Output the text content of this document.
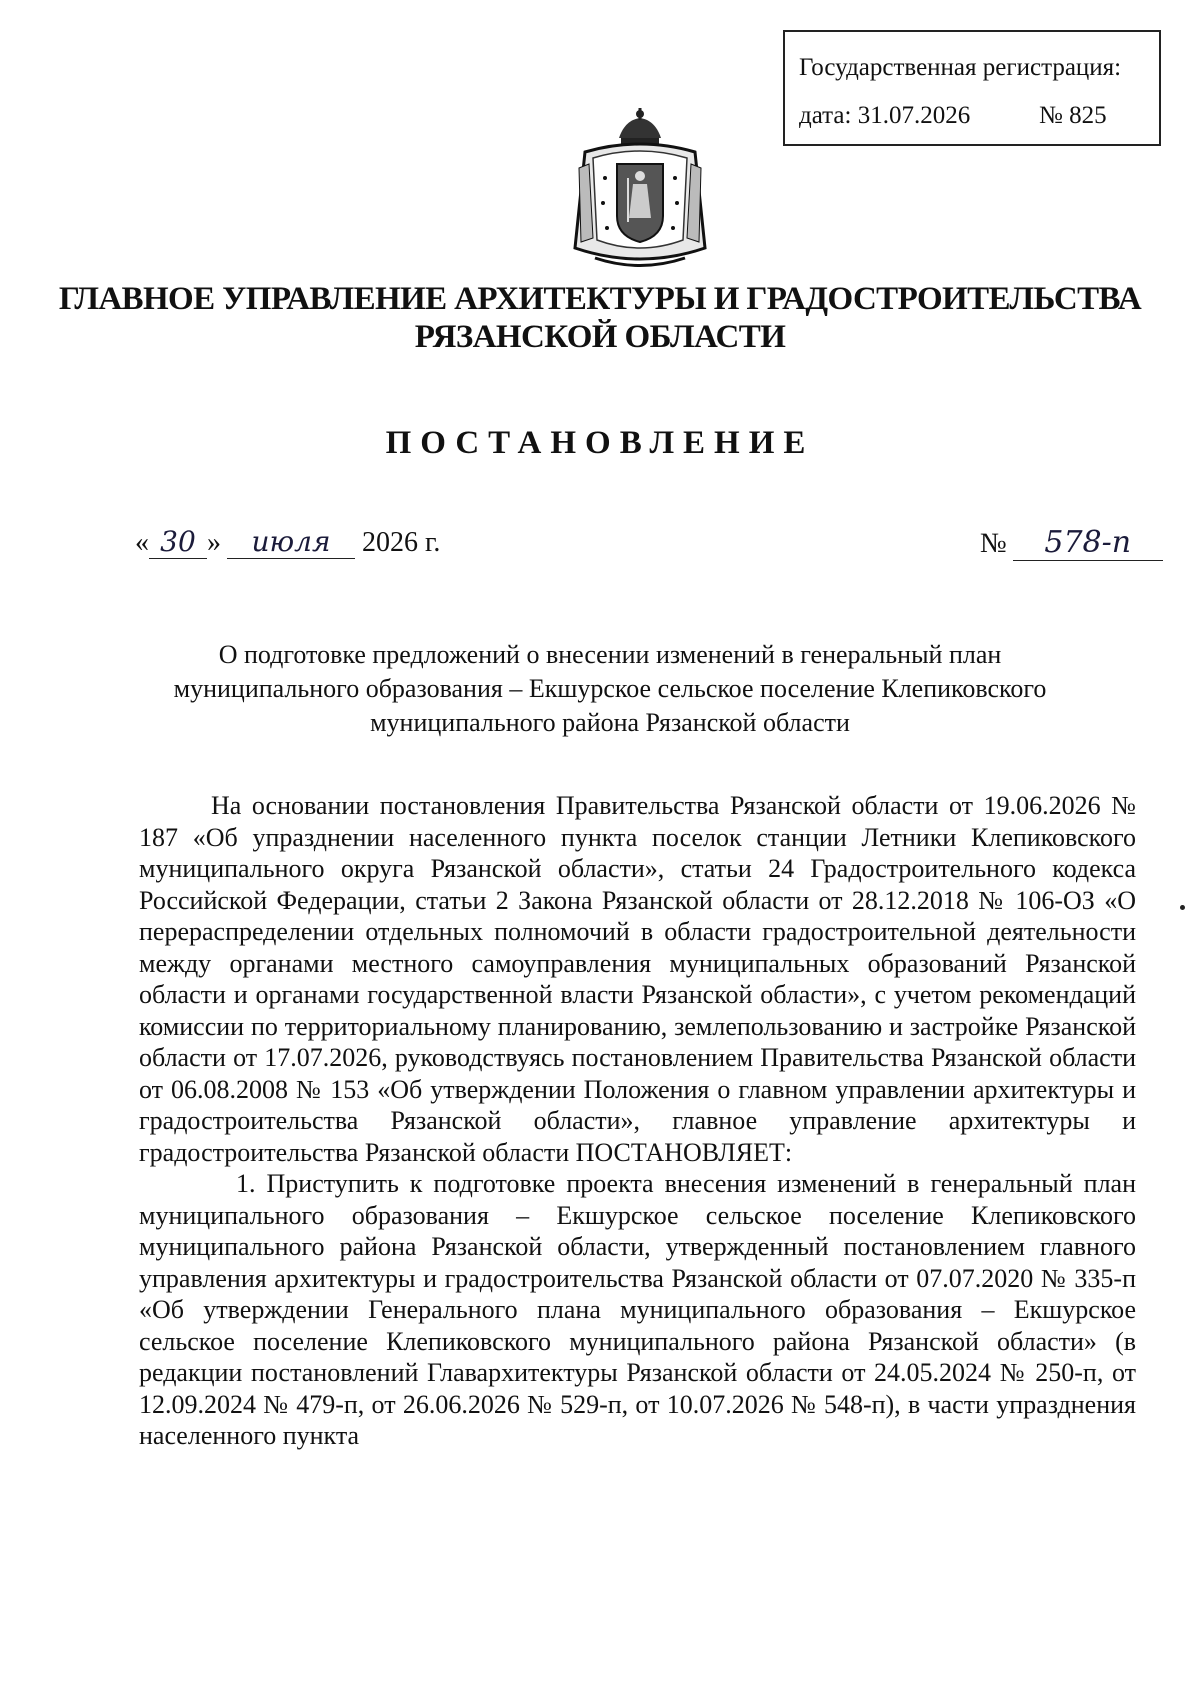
Государственная регистрация:
дата: 31.07.2026	№ 825
ГЛАВНОЕ УПРАВЛЕНИЕ АРХИТЕКТУРЫ И ГРАДОСТРОИТЕЛЬСТВА
РЯЗАНСКОЙ ОБЛАСТИ
ПОСТАНОВЛЕНИЕ
« 30 » июля 2026 г.	№ 578-п
О подготовке предложений о внесении изменений в генеральный план
муниципального образования – Екшурское сельское поселение Клепиковского
муниципального района Рязанской области

На основании постановления Правительства Рязанской области от 19.06.2026 № 187 «Об упразднении населенного пункта поселок станции Летники Клепиковского муниципального округа Рязанской области», статьи 24 Градостроительного кодекса Российской Федерации, статьи 2 Закона Рязанской области от 28.12.2018 № 106-ОЗ «О перераспределении отдельных полномочий в области градостроительной деятельности между органами местного самоуправления муниципальных образований Рязанской области и органами государственной власти Рязанской области», с учетом рекомендаций комиссии по территориальному планированию, землепользованию и застройке Рязанской области от 17.07.2026, руководствуясь постановлением Правительства Рязанской области от 06.08.2008 № 153 «Об утверждении Положения о главном управлении архитектуры и градостроительства Рязанской области», главное управление архитектуры и градостроительства Рязанской области ПОСТАНОВЛЯЕТ:

1. Приступить к подготовке проекта внесения изменений в генеральный план муниципального образования – Екшурское сельское поселение Клепиковского муниципального района Рязанской области, утвержденный постановлением главного управления архитектуры и градостроительства Рязанской области от 07.07.2020 № 335-п «Об утверждении Генерального плана муниципального образования – Екшурское сельское поселение Клепиковского муниципального района Рязанской области» (в редакции постановлений Главархитектуры Рязанской области от 24.05.2024 № 250-п, от 12.09.2024 № 479-п, от 26.06.2026 № 529-п, от 10.07.2026 № 548-п), в части упразднения населенного пункта
